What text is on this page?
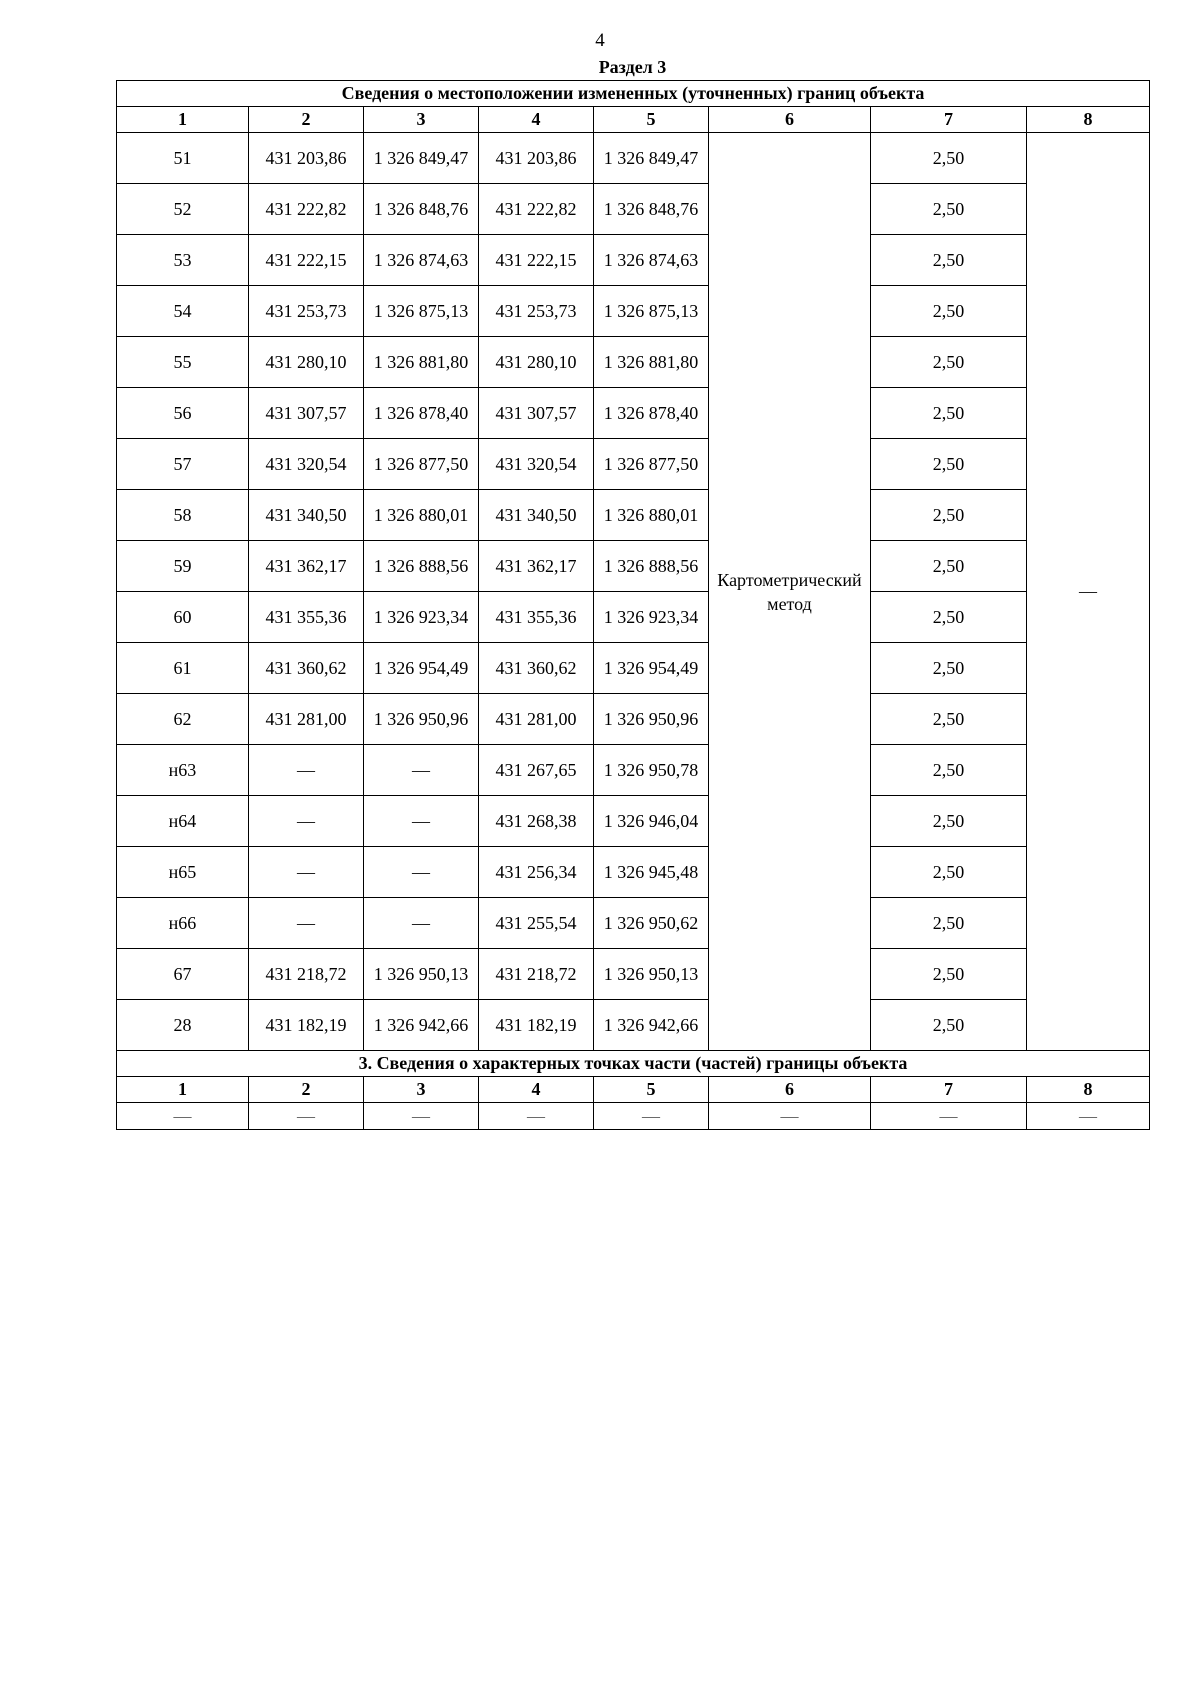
4
Раздел 3
Сведения о местоположении измененных (уточненных) границ объекта							
1	2	3	4	5	6	7	8
51	431 203,86	1 326 849,47	431 203,86	1 326 849,47	Картометрический метод	2,50	—
52	431 222,82	1 326 848,76	431 222,82	1 326 848,76		2,50	
53	431 222,15	1 326 874,63	431 222,15	1 326 874,63		2,50	
54	431 253,73	1 326 875,13	431 253,73	1 326 875,13		2,50	
55	431 280,10	1 326 881,80	431 280,10	1 326 881,80		2,50	
56	431 307,57	1 326 878,40	431 307,57	1 326 878,40		2,50	
57	431 320,54	1 326 877,50	431 320,54	1 326 877,50		2,50	
58	431 340,50	1 326 880,01	431 340,50	1 326 880,01		2,50	
59	431 362,17	1 326 888,56	431 362,17	1 326 888,56		2,50	
60	431 355,36	1 326 923,34	431 355,36	1 326 923,34		2,50	
61	431 360,62	1 326 954,49	431 360,62	1 326 954,49		2,50	
62	431 281,00	1 326 950,96	431 281,00	1 326 950,96		2,50	
н63	—	—	431 267,65	1 326 950,78		2,50	
н64	—	—	431 268,38	1 326 946,04		2,50	
н65	—	—	431 256,34	1 326 945,48		2,50	
н66	—	—	431 255,54	1 326 950,62		2,50	
67	431 218,72	1 326 950,13	431 218,72	1 326 950,13		2,50	
28	431 182,19	1 326 942,66	431 182,19	1 326 942,66		2,50	
3. Сведения о характерных точках части (частей) границы объекта							
1	2	3	4	5	6	7	8
—	—	—	—	—	—	—	—
